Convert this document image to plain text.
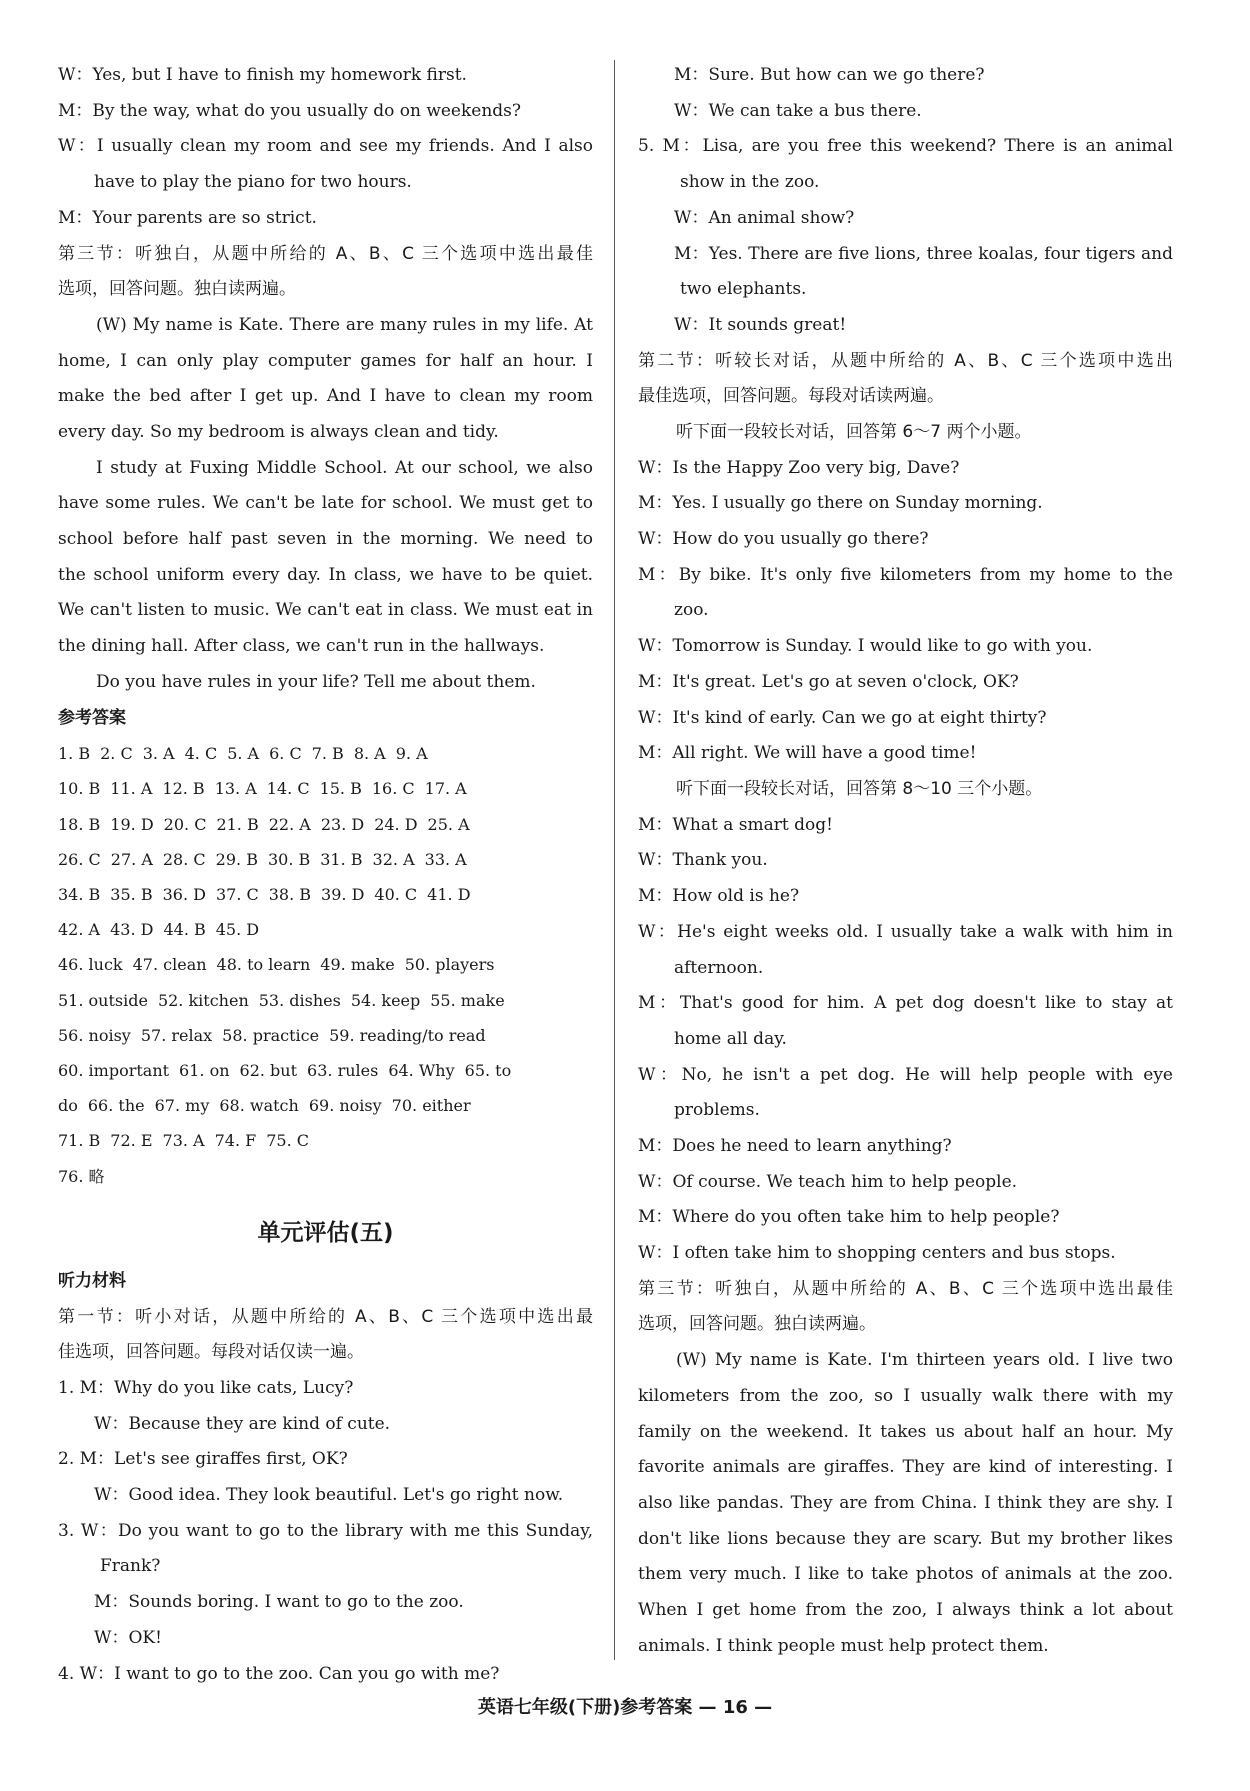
W：Yes, but I have to finish my homework first.
M：By the way, what do you usually do on weekends?
W：I usually clean my room and see my friends. And I also
have to play the piano for two hours.
M：Your parents are so strict.
第三节：听独白，从题中所给的 A、B、C 三个选项中选出最佳
选项，回答问题。独白读两遍。
(W) My name is Kate. There are many rules in my life. At
home, I can only play computer games for half an hour. I
make the bed after I get up. And I have to clean my room
every day. So my bedroom is always clean and tidy.
I study at Fuxing Middle School. At our school, we also
have some rules. We can't be late for school. We must get to
school before half past seven in the morning. We need to
the school uniform every day. In class, we have to be quiet.
We can't listen to music. We can't eat in class. We must eat in
the dining hall. After class, we can't run in the hallways.
Do you have rules in your life? Tell me about them.
参考答案
1. B 2. C 3. A 4. C 5. A 6. C 7. B 8. A 9. A
10. B 11. A 12. B 13. A 14. C 15. B 16. C 17. A
18. B 19. D 20. C 21. B 22. A 23. D 24. D 25. A
26. C 27. A 28. C 29. B 30. B 31. B 32. A 33. A
34. B 35. B 36. D 37. C 38. B 39. D 40. C 41. D
42. A 43. D 44. B 45. D
46. luck 47. clean 48. to learn 49. make 50. players
51. outside 52. kitchen 53. dishes 54. keep 55. make
56. noisy 57. relax 58. practice 59. reading/to read
60. important 61. on 62. but 63. rules 64. Why 65. to
do 66. the 67. my 68. watch 69. noisy 70. either
71. B 72. E 73. A 74. F 75. C
76. 略
单元评估(五)
听力材料
第一节：听小对话，从题中所给的 A、B、C 三个选项中选出最
佳选项，回答问题。每段对话仅读一遍。
1. M：Why do you like cats, Lucy?
W：Because they are kind of cute.
2. M：Let's see giraffes first, OK?
W：Good idea. They look beautiful. Let's go right now.
3. W：Do you want to go to the library with me this Sunday,
Frank?
M：Sounds boring. I want to go to the zoo.
W：OK!
4. W：I want to go to the zoo. Can you go with me?
M：Sure. But how can we go there?
W：We can take a bus there.
5. M：Lisa, are you free this weekend? There is an animal
show in the zoo.
W：An animal show?
M：Yes. There are five lions, three koalas, four tigers and
two elephants.
W：It sounds great!
第二节：听较长对话，从题中所给的 A、B、C 三个选项中选出
最佳选项，回答问题。每段对话读两遍。
听下面一段较长对话，回答第 6～7 两个小题。
W：Is the Happy Zoo very big, Dave?
M：Yes. I usually go there on Sunday morning.
W：How do you usually go there?
M：By bike. It's only five kilometers from my home to the
zoo.
W：Tomorrow is Sunday. I would like to go with you.
M：It's great. Let's go at seven o'clock, OK?
W：It's kind of early. Can we go at eight thirty?
M：All right. We will have a good time!
听下面一段较长对话，回答第 8～10 三个小题。
M：What a smart dog!
W：Thank you.
M：How old is he?
W：He's eight weeks old. I usually take a walk with him in
afternoon.
M：That's good for him. A pet dog doesn't like to stay at
home all day.
W：No, he isn't a pet dog. He will help people with eye
problems.
M：Does he need to learn anything?
W：Of course. We teach him to help people.
M：Where do you often take him to help people?
W：I often take him to shopping centers and bus stops.
第三节：听独白，从题中所给的 A、B、C 三个选项中选出最佳
选项，回答问题。独白读两遍。
(W) My name is Kate. I'm thirteen years old. I live two
kilometers from the zoo, so I usually walk there with my
family on the weekend. It takes us about half an hour. My
favorite animals are giraffes. They are kind of interesting. I
also like pandas. They are from China. I think they are shy. I
don't like lions because they are scary. But my brother likes
them very much. I like to take photos of animals at the zoo.
When I get home from the zoo, I always think a lot about
animals. I think people must help protect them.
英语七年级(下册)参考答案 — 16 —
